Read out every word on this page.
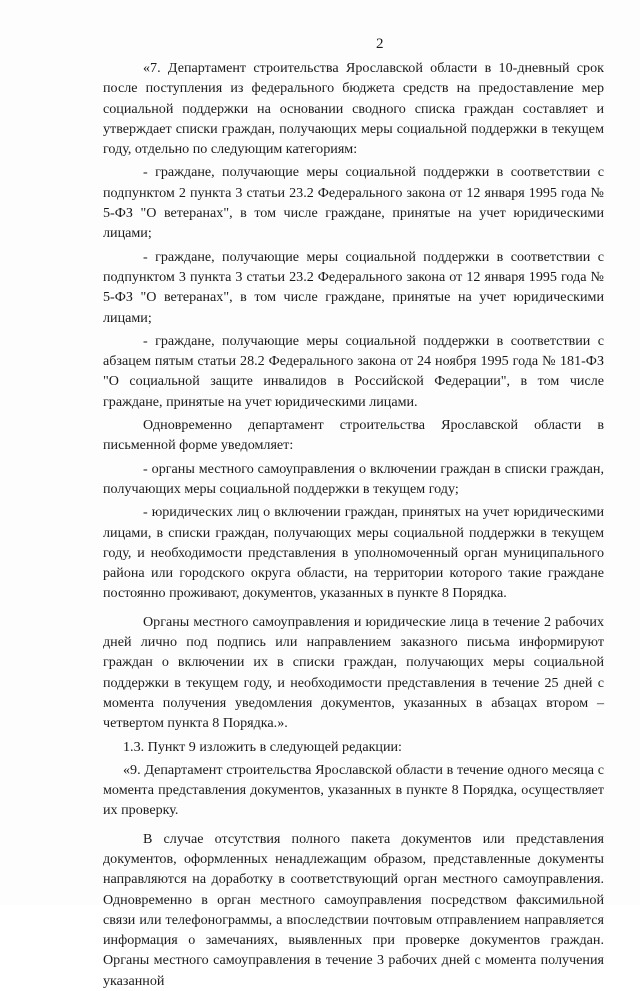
2

«7. Департамент строительства Ярославской области в 10-дневный срок после поступления из федерального бюджета средств на предоставление мер социальной поддержки на основании сводного списка граждан составляет и утверждает списки граждан, получающих меры социальной поддержки в текущем году, отдельно по следующим категориям:

- граждане, получающие меры социальной поддержки в соответствии с подпунктом 2 пункта 3 статьи 23.2 Федерального закона от 12 января 1995 года № 5-ФЗ "О ветеранах", в том числе граждане, принятые на учет юридическими лицами;

- граждане, получающие меры социальной поддержки в соответствии с подпунктом 3 пункта 3 статьи 23.2 Федерального закона от 12 января 1995 года № 5-ФЗ "О ветеранах", в том числе граждане, принятые на учет юридическими лицами;

- граждане, получающие меры социальной поддержки в соответствии с абзацем пятым статьи 28.2 Федерального закона от 24 ноября 1995 года № 181-ФЗ "О социальной защите инвалидов в Российской Федерации", в том числе граждане, принятые на учет юридическими лицами.

Одновременно департамент строительства Ярославской области в письменной форме уведомляет:

- органы местного самоуправления о включении граждан в списки граждан, получающих меры социальной поддержки в текущем году;

- юридических лиц о включении граждан, принятых на учет юридическими лицами, в списки граждан, получающих меры социальной поддержки в текущем году, и необходимости представления в уполномоченный орган муниципального района или городского округа области, на территории которого такие граждане постоянно проживают, документов, указанных в пункте 8 Порядка.

Органы местного самоуправления и юридические лица в течение 2 рабочих дней лично под подпись или направлением заказного письма информируют граждан о включении их в списки граждан, получающих меры социальной поддержки в текущем году, и необходимости представления в течение 25 дней с момента получения уведомления документов, указанных в абзацах втором – четвертом пункта 8 Порядка.».

1.3. Пункт 9 изложить в следующей редакции:

«9. Департамент строительства Ярославской области в течение одного месяца с момента представления документов, указанных в пункте 8 Порядка, осуществляет их проверку.

В случае отсутствия полного пакета документов или представления документов, оформленных ненадлежащим образом, представленные документы направляются на доработку в соответствующий орган местного самоуправления. Одновременно в орган местного самоуправления посредством факсимильной связи или телефонограммы, а впоследствии почтовым отправлением направляется информация о замечаниях, выявленных при проверке документов граждан. Органы местного самоуправления в течение 3 рабочих дней с момента получения указанной
